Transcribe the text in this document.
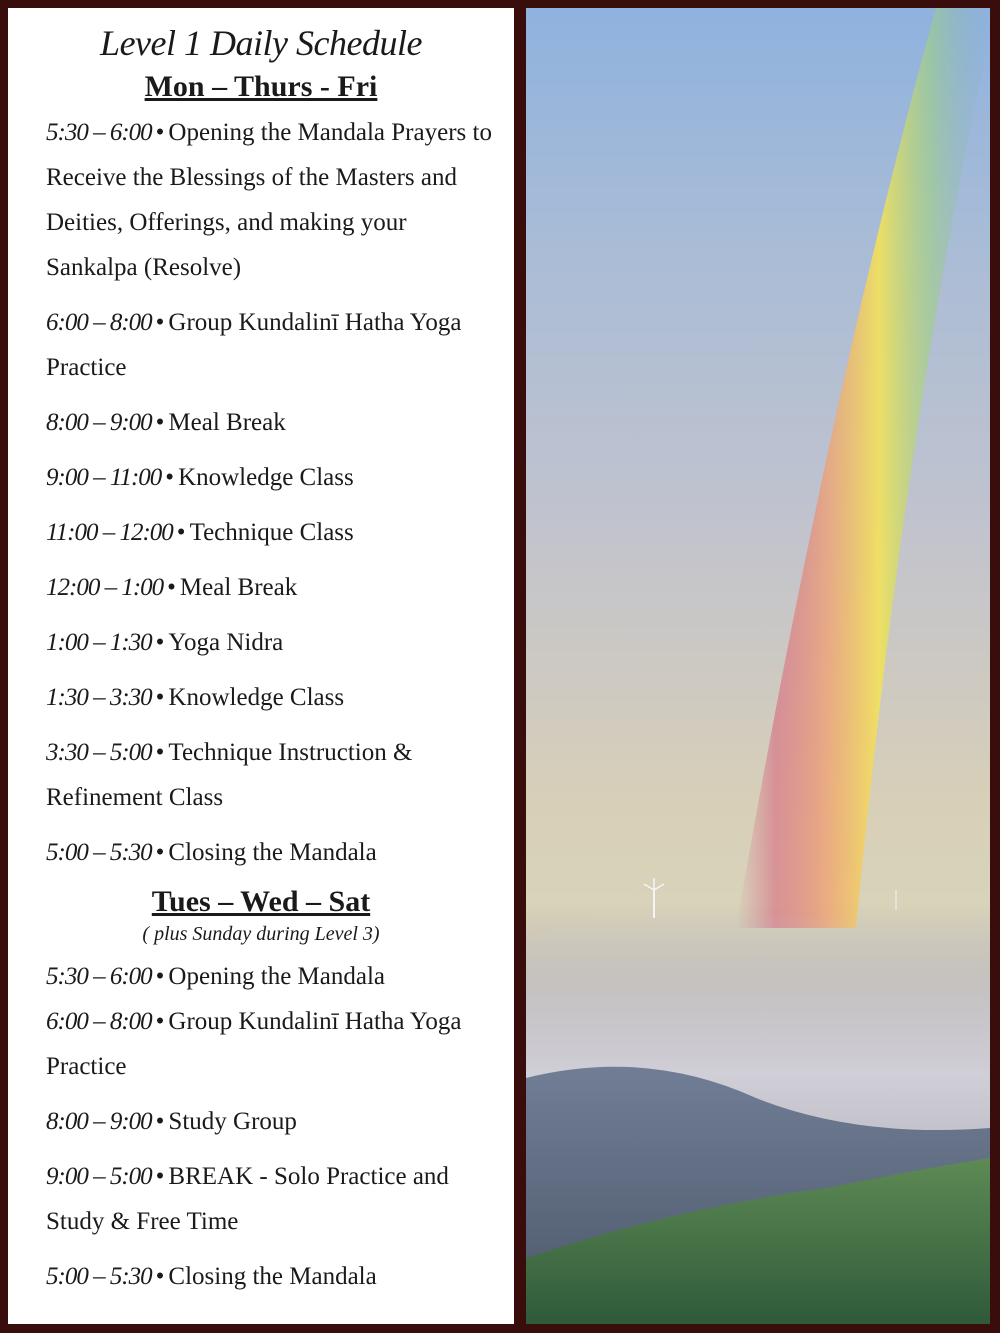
Level 1 Daily Schedule
Mon – Thurs - Fri
5:30 – 6:00 • Opening the Mandala Prayers to Receive the Blessings of the Masters and Deities, Offerings, and making your Sankalpa (Resolve)
6:00 – 8:00 • Group Kundalinī Hatha Yoga Practice
8:00 – 9:00 • Meal Break
9:00 – 11:00 • Knowledge Class
11:00 – 12:00 • Technique Class
12:00 – 1:00 • Meal Break
1:00 – 1:30 • Yoga Nidra
1:30 – 3:30 • Knowledge Class
3:30 – 5:00 • Technique Instruction & Refinement Class
5:00 – 5:30 • Closing the Mandala
Tues – Wed – Sat
( plus Sunday during Level 3)
5:30 – 6:00 • Opening the Mandala
6:00 – 8:00 • Group Kundalinī Hatha Yoga Practice
8:00 – 9:00 • Study Group
9:00 – 5:00 • BREAK - Solo Practice and Study & Free Time
5:00 – 5:30 • Closing the Mandala
